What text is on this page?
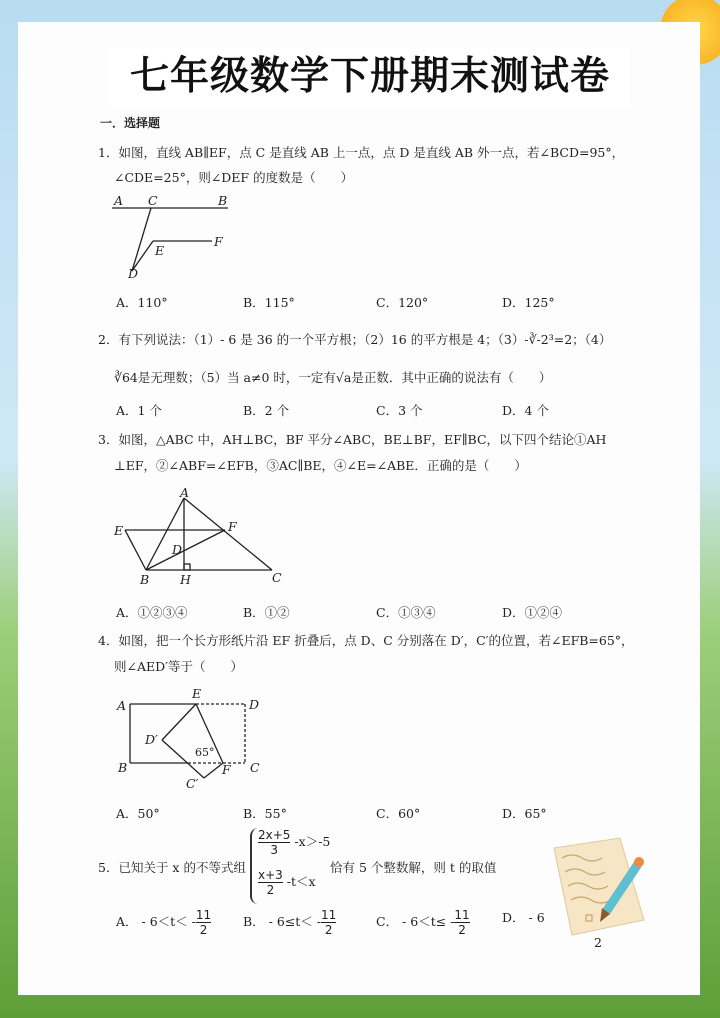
七年级数学下册期末测试卷
一．选择题
1．如图，直线 AB∥EF，点 C 是直线 AB 上一点，点 D 是直线 AB 外一点，若∠BCD=95°，
∠CDE=25°，则∠DEF 的度数是（　　）
A C	B
E
F
D
A．110°	B．115°	C．120°	D．125°
2．有下列说法：（1）- 6 是 36 的一个平方根；（2）16 的平方根是 4；（3）-∛-2³=2；（4）
∛64是无理数；（5）当 a≠0 时，一定有√a是正数．其中正确的说法有（　　）
A．1 个	B．2 个	C．3 个	D．4 个
3．如图，△ABC 中，AH⊥BC，BF 平分∠ABC，BE⊥BF，EF∥BC，以下四个结论①AH
⊥EF，②∠ABF=∠EFB，③AC∥BE，④∠E=∠ABE．正确的是（　　）
A
E	F
D
B H	C
A．①②③④	B．①②	C．①③④	D．①②④
4．如图，把一个长方形纸片沿 EF 折叠后，点 D、C 分别落在 D′，C′的位置，若∠EFB=65°，
则∠AED′等于（　　）
A
E
D
D′
65°
B	F C
C′
A．50°	B．55°	C．60°	D．65°
5．已知关于 x 的不等式组
$\frac{2x+5}{3} -x>-5$
$\frac{x+3}{2} -t<x$
恰有 5 个整数解，则 t 的取值
A． - $6<t< - \frac{11}{2}$	B． - $6\le t< - \frac{11}{2}$	C． - $6<t\le - \frac{11}{2}$	D． - 6
2
